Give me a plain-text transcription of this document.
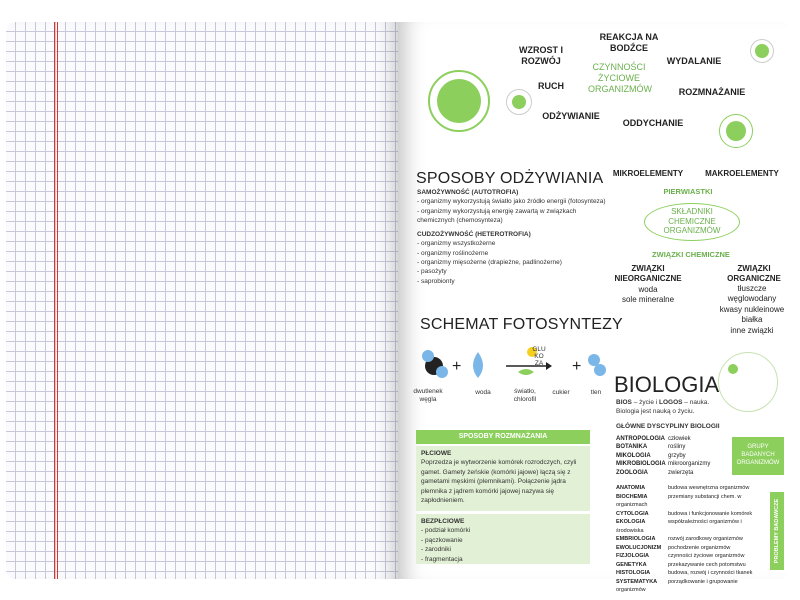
WZROST I ROZWÓJ
REAKCJA NA BODŹCE
WYDALANIE
CZYNNOŚCI ŻYCIOWE ORGANIZMÓW
RUCH
ROZMNAŻANIE
ODŻYWIANIE
ODDYCHANIE
SPOSOBY ODŻYWIANIA
SAMOŻYWNOŚĆ (AUTOTROFIA)
- organizmy wykorzystują światło jako źródło energii (fotosynteza)
- organizmy wykorzystują energię zawartą w związkach chemicznych (chemosynteza)
CUDZOŻYWNOŚĆ (HETEROTROFIA)
- organizmy wszystkożerne
- organizmy roślinożerne
- organizmy mięsożerne (drapieżne, padlinożerne)
- pasożyty
- saprobionty
MIKROELEMENTY	MAKROELEMENTY
PIERWIASTKI
SKŁADNIKI CHEMICZNE ORGANIZMÓW
ZWIĄZKI CHEMICZNE
ZWIĄZKI NIEORGANICZNE
woda
sole mineralne
ZWIĄZKI ORGANICZNE
tłuszcze
węglowodany
kwasy nukleinowe
białka
inne związki
SCHEMAT FOTOSYNTEZY
+	+
GLU KO ZA
dwutlenek węgla
woda	światło, chlorofil
cukier	tlen
SPOSOBY ROZMNAŻANIA
PŁCIOWE
Poprzedza je wytworzenie komórek rozrodczych, czyli gamet. Gamety żeńskie (komórki jajowe) łączą się z gametami męskimi (plemnikami). Połączenie jądra plemnika z jądrem komórki jajowej nazywa się zapłodnieniem.
BEZPŁCIOWE
- podział komórki
- pączkowanie
- zarodniki
- fragmentacja
BIOLOGIA
BIOS – życie i LOGOS – nauka.
Biologia jest nauką o życiu.
GŁÓWNE DYSCYPLINY BIOLOGII
ANTROPOLOGIA człowiek
BOTANIKA	rośliny
MIKOLOGIA	grzyby
MIKROBIOLOGIA mikroorganizmy
ZOOLOGIA	zwierzęta
GRUPY BADANYCH ORGANIZMÓW
ANATOMIA	budowa wewnętrzna organizmów
BIOCHEMIA	przemiany substancji chem. w organizmach
CYTOLOGIA	budowa i funkcjonowanie komórek
EKOLOGIA	współzależności organizmów i środowiska
EMBRIOLOGIA rozwój zarodkowy organizmów
EWOLUCJONIZM pochodzenie organizmów
FIZJOLOGIA	czynności życiowe organizmów
GENETYKA	przekazywanie cech potomstwu
HISTOLOGIA	budowa, rozwój i czynności tkanek
SYSTEMATYKA porządkowanie i grupowanie organizmów
PROBLEMY BADAWCZE
